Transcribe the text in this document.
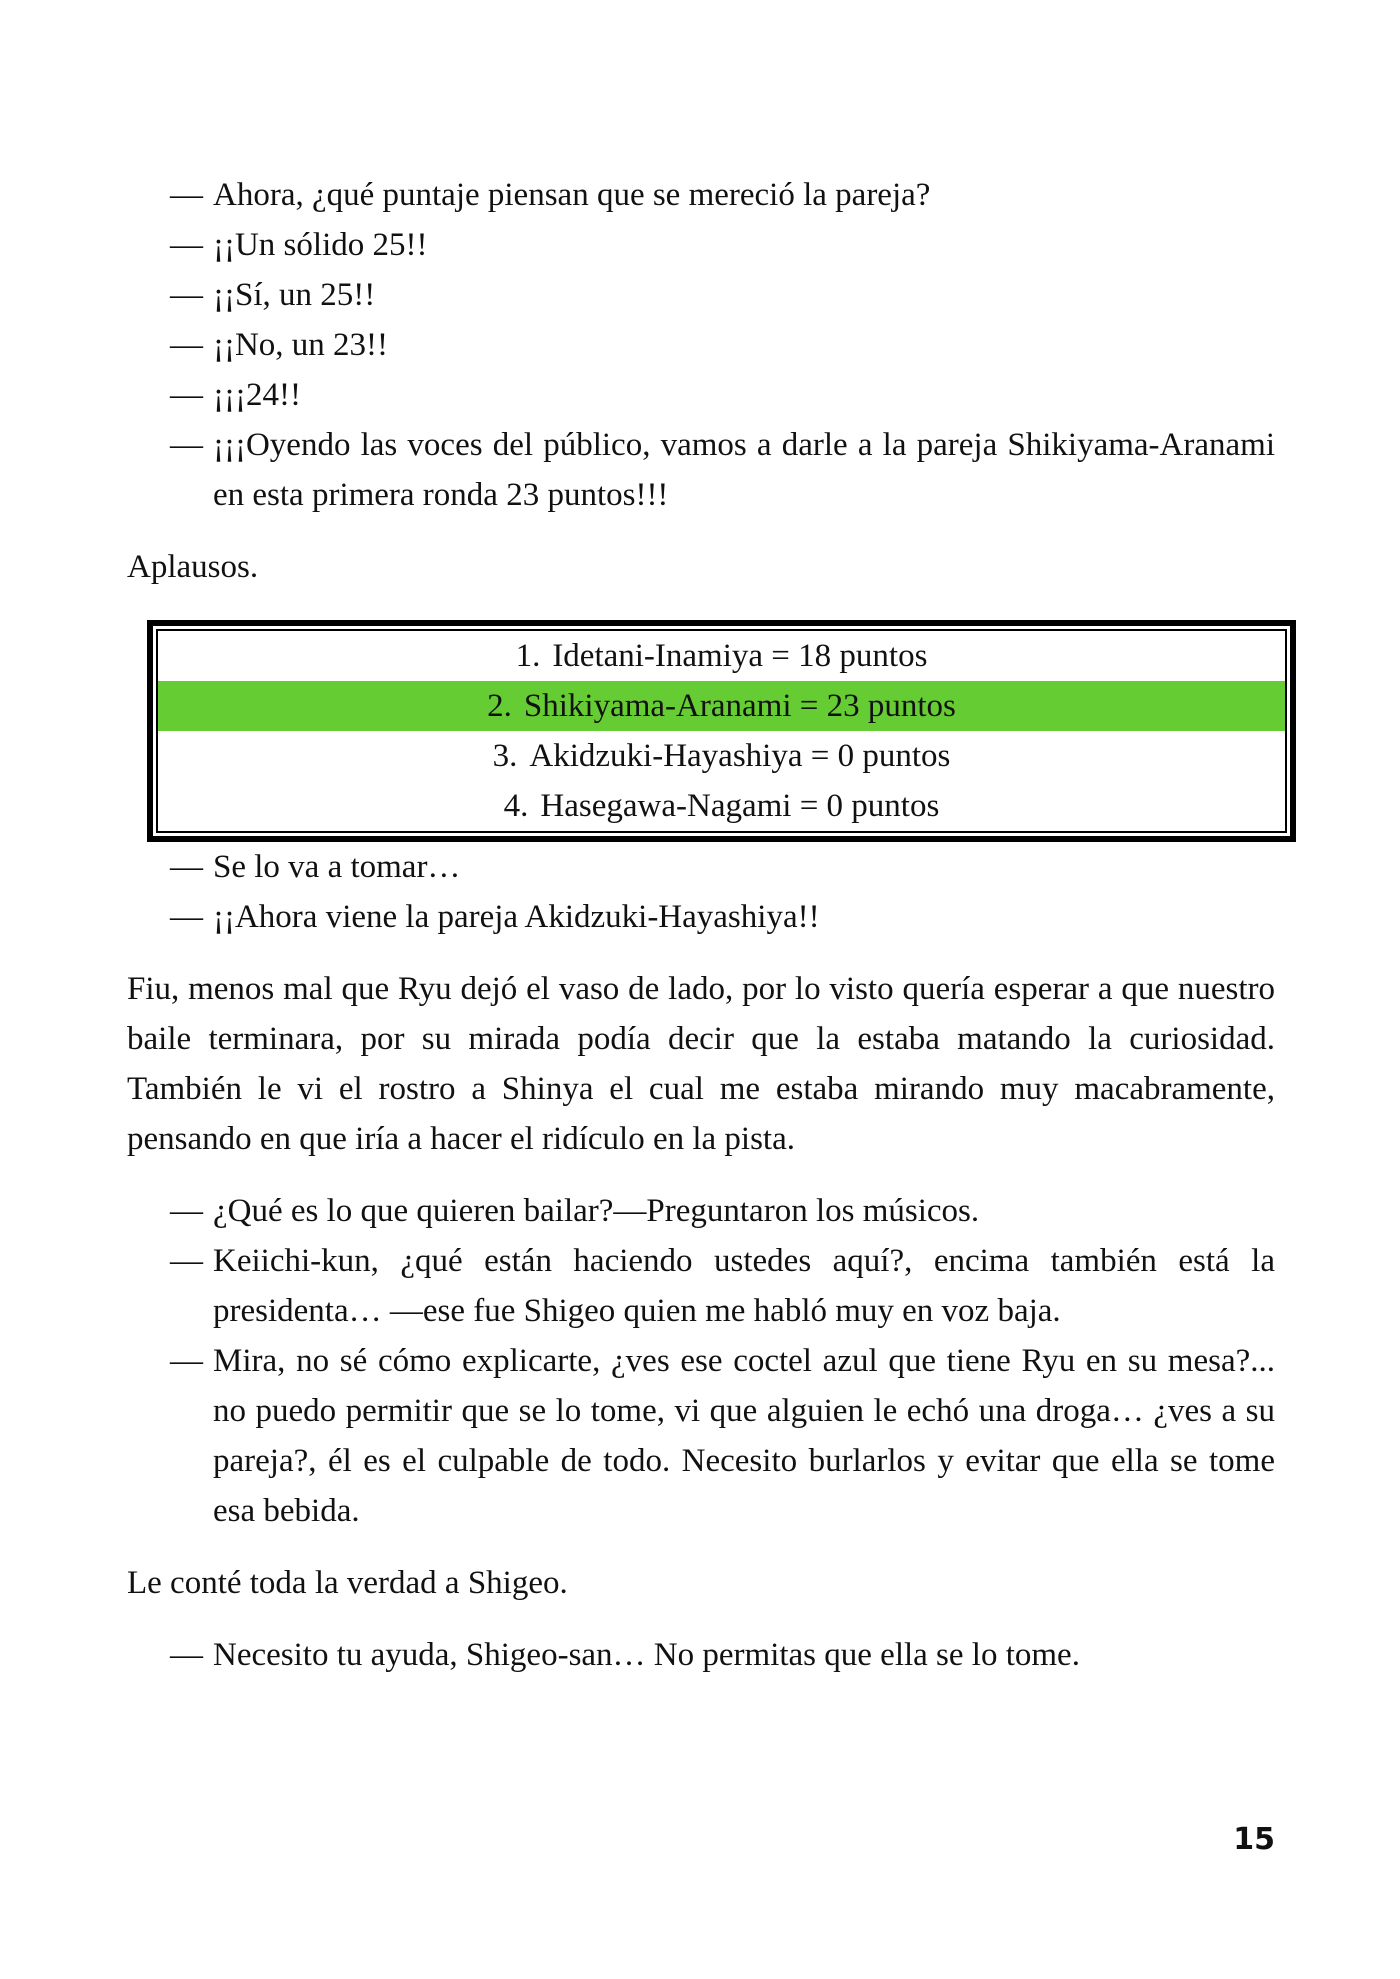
— Ahora, ¿qué puntaje piensan que se mereció la pareja?
— ¡¡Un sólido 25!!
— ¡¡Sí, un 25!!
— ¡¡No, un 23!!
— ¡¡¡24!!
— ¡¡¡Oyendo las voces del público, vamos a darle a la pareja Shikiyama-Aranami en esta primera ronda 23 puntos!!!
Aplausos.
1. Idetani-Inamiya = 18 puntos
2. Shikiyama-Aranami = 23 puntos
3. Akidzuki-Hayashiya = 0 puntos
4. Hasegawa-Nagami = 0 puntos
— Se lo va a tomar…
— ¡¡Ahora viene la pareja Akidzuki-Hayashiya!!
Fiu, menos mal que Ryu dejó el vaso de lado, por lo visto quería esperar a que nuestro baile terminara, por su mirada podía decir que la estaba matando la curiosidad. También le vi el rostro a Shinya el cual me estaba mirando muy macabramente, pensando en que iría a hacer el ridículo en la pista.
— ¿Qué es lo que quieren bailar?—Preguntaron los músicos.
— Keiichi-kun, ¿qué están haciendo ustedes aquí?, encima también está la presidenta… —ese fue Shigeo quien me habló muy en voz baja.
— Mira, no sé cómo explicarte, ¿ves ese coctel azul que tiene Ryu en su mesa?... no puedo permitir que se lo tome, vi que alguien le echó una droga… ¿ves a su pareja?, él es el culpable de todo. Necesito burlarlos y evitar que ella se tome esa bebida.
Le conté toda la verdad a Shigeo.
— Necesito tu ayuda, Shigeo-san… No permitas que ella se lo tome.
15
